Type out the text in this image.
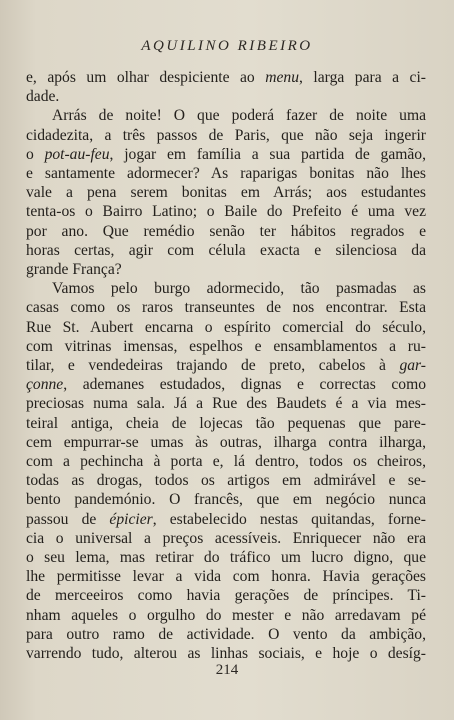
AQUILINO RIBEIRO
e, após um olhar despiciente ao menu, larga para a ci-
dade.
Arrás de noite! O que poderá fazer de noite uma
cidadezita, a três passos de Paris, que não seja ingerir
o pot-au-feu, jogar em família a sua partida de gamão,
e santamente adormecer? As raparigas bonitas não lhes
vale a pena serem bonitas em Arrás; aos estudantes
tenta-os o Bairro Latino; o Baile do Prefeito é uma vez
por ano. Que remédio senão ter hábitos regrados e
horas certas, agir com célula exacta e silenciosa da
grande França?
Vamos pelo burgo adormecido, tão pasmadas as
casas como os raros transeuntes de nos encontrar. Esta
Rue St. Aubert encarna o espírito comercial do século,
com vitrinas imensas, espelhos e ensamblamentos a ru-
tilar, e vendedeiras trajando de preto, cabelos à gar-
çonne, ademanes estudados, dignas e correctas como
preciosas numa sala. Já a Rue des Baudets é a via mes-
teiral antiga, cheia de lojecas tão pequenas que pare-
cem empurrar-se umas às outras, ilharga contra ilharga,
com a pechincha à porta e, lá dentro, todos os cheiros,
todas as drogas, todos os artigos em admirável e se-
bento pandemónio. O francês, que em negócio nunca
passou de épicier, estabelecido nestas quitandas, forne-
cia o universal a preços acessíveis. Enriquecer não era
o seu lema, mas retirar do tráfico um lucro digno, que
lhe permitisse levar a vida com honra. Havia gerações
de merceeiros como havia gerações de príncipes. Ti-
nham aqueles o orgulho do mester e não arredavam pé
para outro ramo de actividade. O vento da ambição,
varrendo tudo, alterou as linhas sociais, e hoje o desíg-
214
